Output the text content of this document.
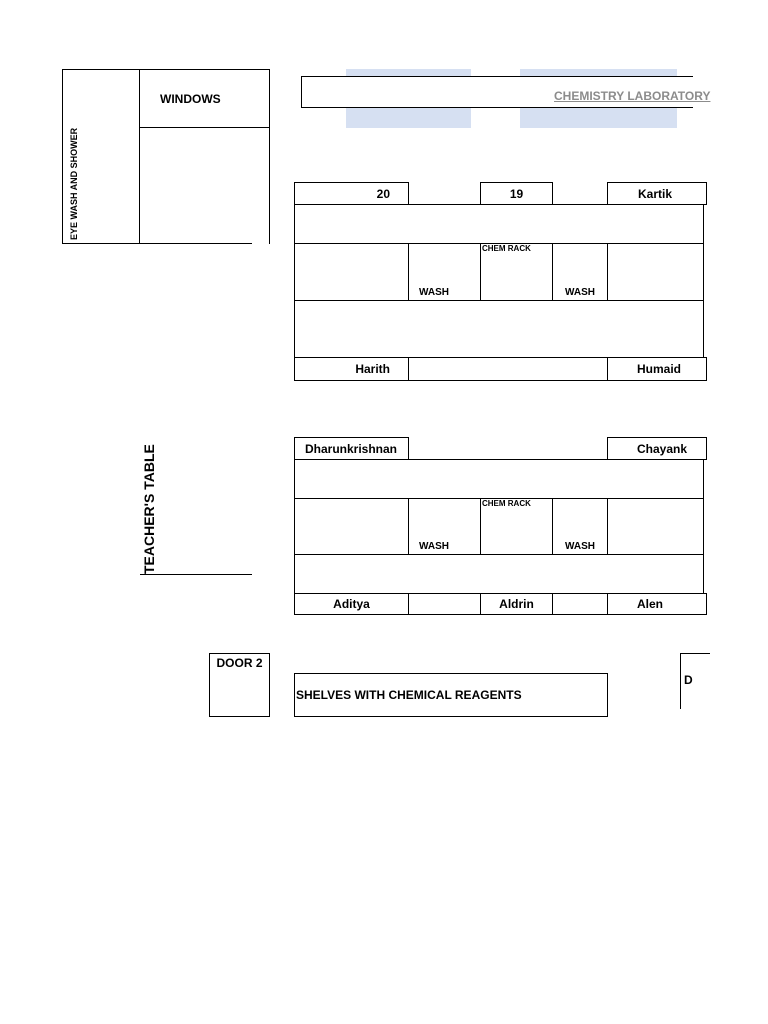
EYE WASH AND SHOWER
WINDOWS	CHEMISTRY LABORATORY
20	19	Kartik
CHEM RACK
WASH	WASH
Harith	Humaid
TEACHER'S TABLE	Dharunkrishnan	Chayank
CHEM RACK
WASH	WASH
Aditya	Aldrin	Alen
DOOR 2
SHELVES WITH CHEMICAL REAGENTS
D
